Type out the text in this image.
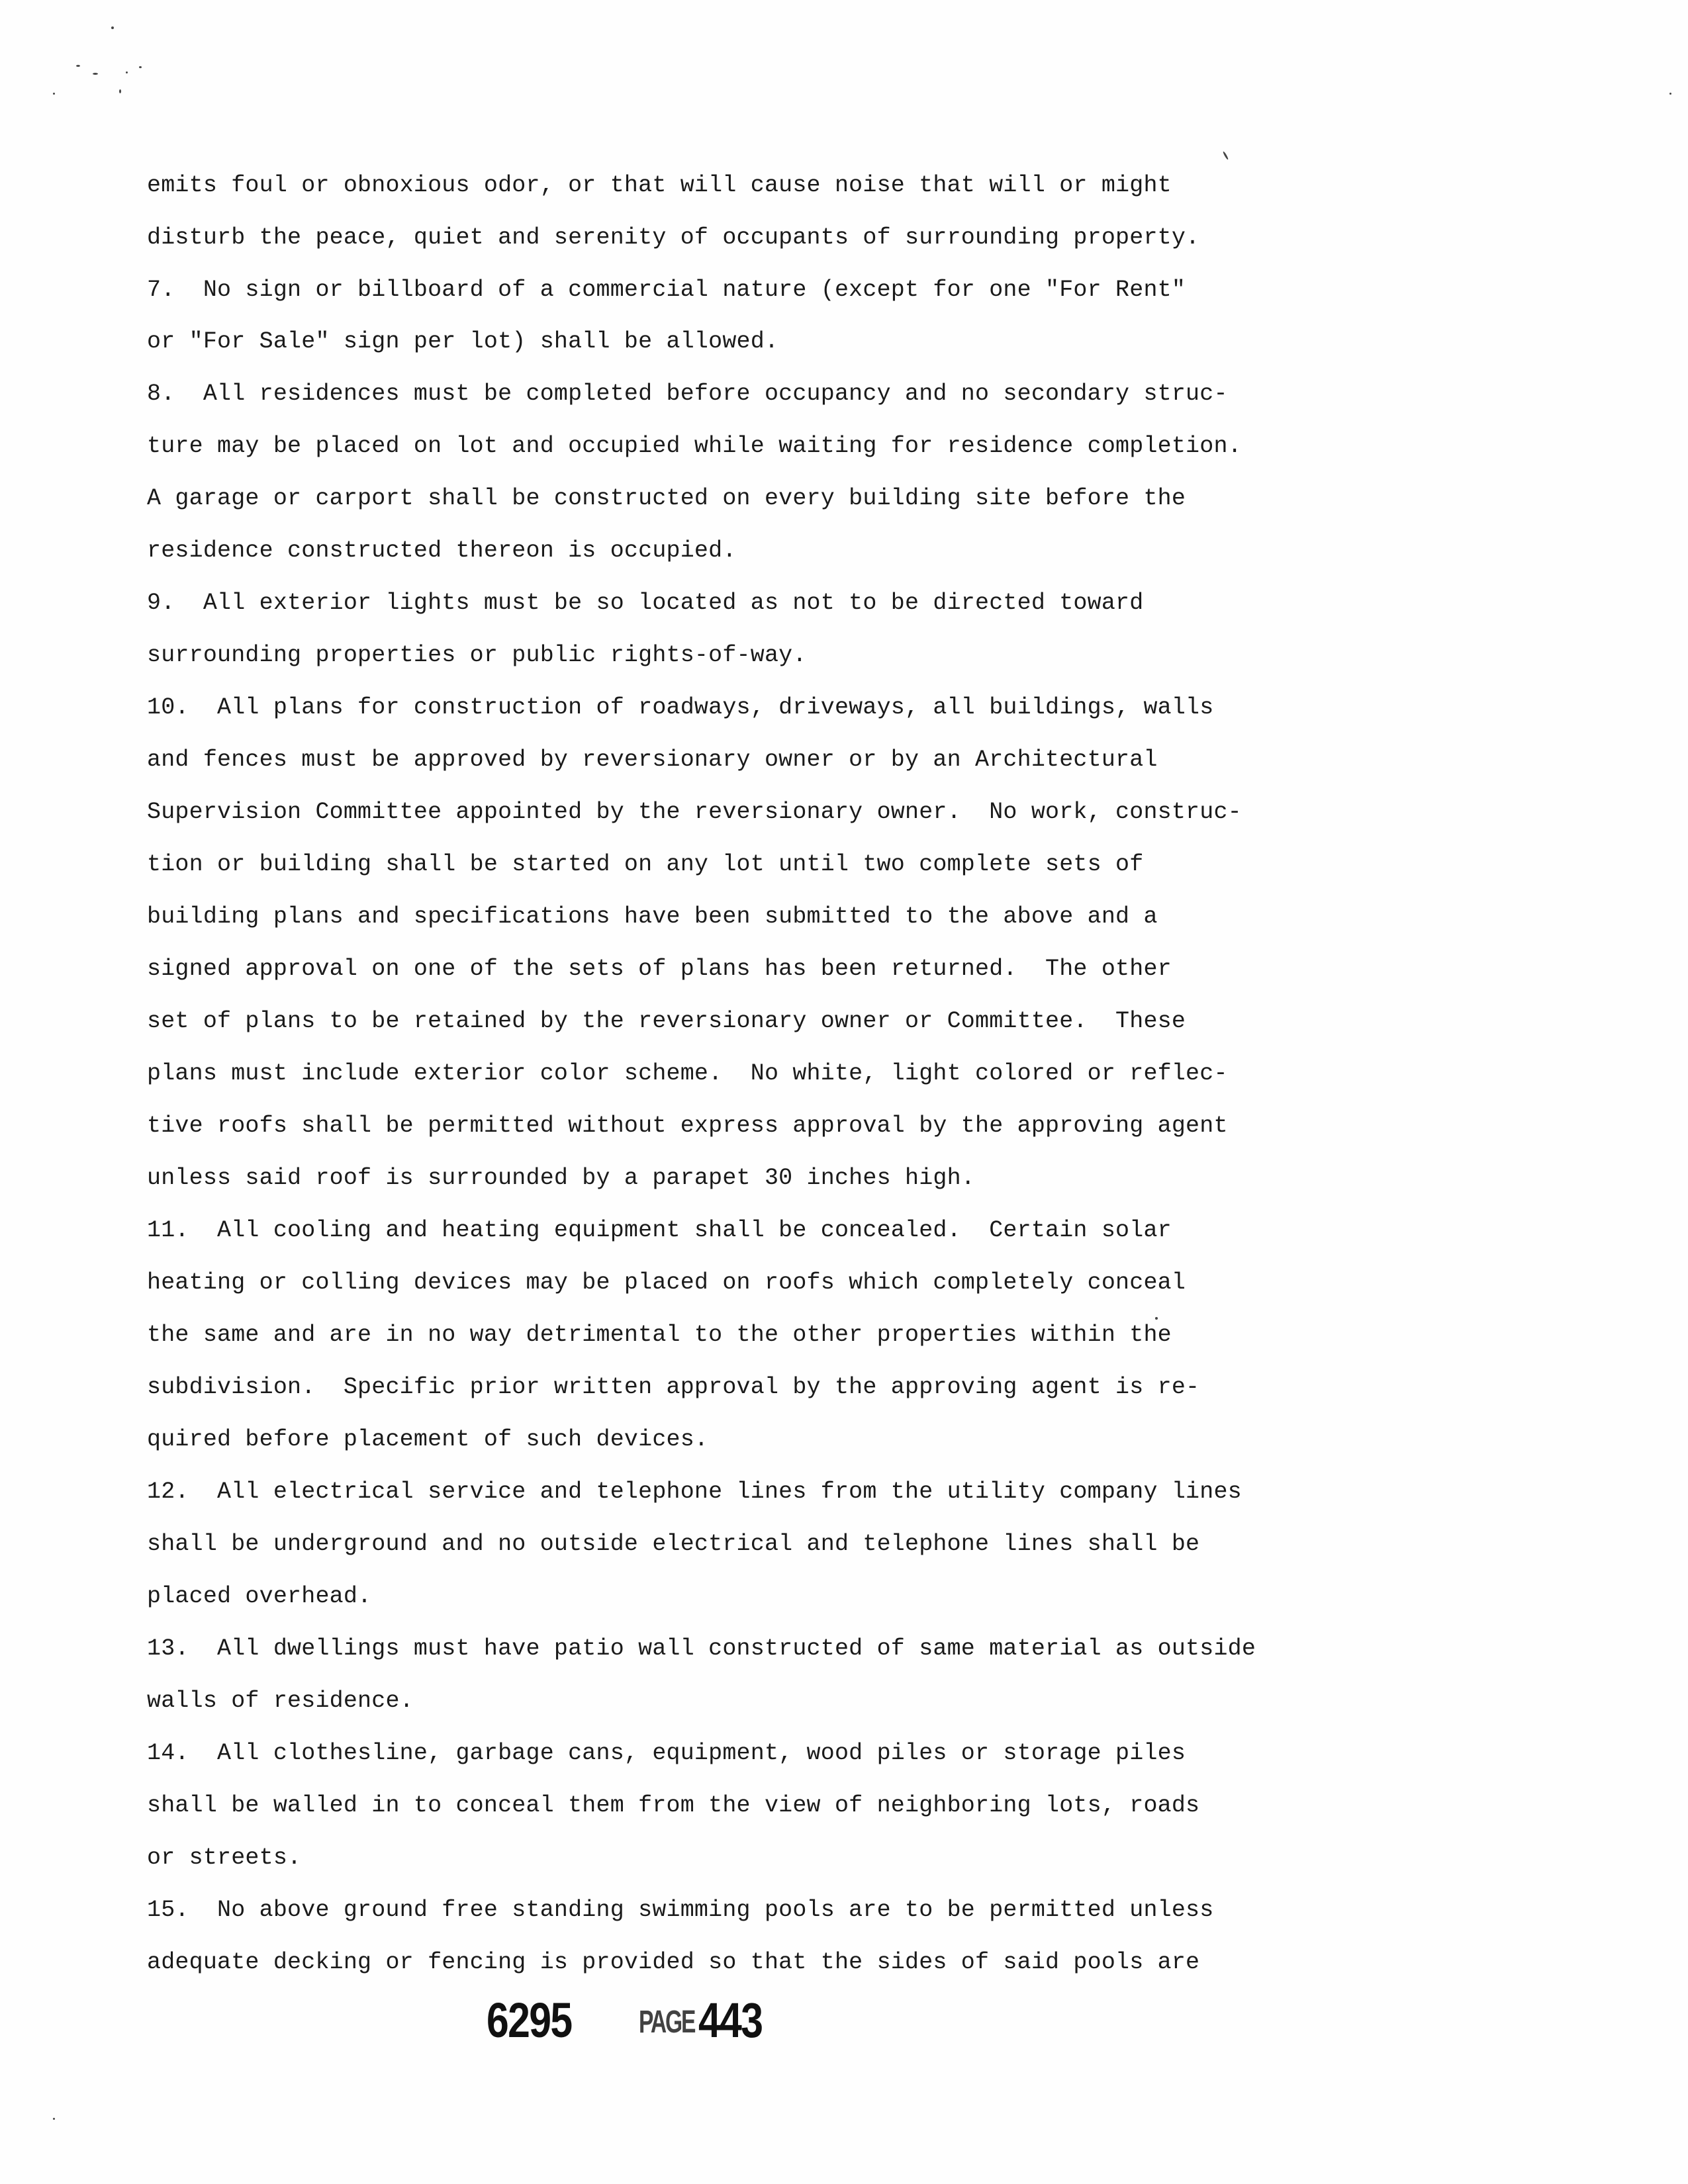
emits foul or obnoxious odor, or that will cause noise that will or might

disturb the peace, quiet and serenity of occupants of surrounding property.

7.  No sign or billboard of a commercial nature (except for one "For Rent"

or "For Sale" sign per lot) shall be allowed.

8.  All residences must be completed before occupancy and no secondary struc-

ture may be placed on lot and occupied while waiting for residence completion.

A garage or carport shall be constructed on every building site before the

residence constructed thereon is occupied.

9.  All exterior lights must be so located as not to be directed toward

surrounding properties or public rights-of-way.

10.  All plans for construction of roadways, driveways, all buildings, walls

and fences must be approved by reversionary owner or by an Architectural

Supervision Committee appointed by the reversionary owner.  No work, construc-

tion or building shall be started on any lot until two complete sets of

building plans and specifications have been submitted to the above and a

signed approval on one of the sets of plans has been returned.  The other

set of plans to be retained by the reversionary owner or Committee.  These

plans must include exterior color scheme.  No white, light colored or reflec-

tive roofs shall be permitted without express approval by the approving agent

unless said roof is surrounded by a parapet 30 inches high.

11.  All cooling and heating equipment shall be concealed.  Certain solar

heating or colling devices may be placed on roofs which completely conceal

the same and are in no way detrimental to the other properties within the

subdivision.  Specific prior written approval by the approving agent is re-

quired before placement of such devices.

12.  All electrical service and telephone lines from the utility company lines

shall be underground and no outside electrical and telephone lines shall be

placed overhead.

13.  All dwellings must have patio wall constructed of same material as outside

walls of residence.

14.  All clothesline, garbage cans, equipment, wood piles or storage piles

shall be walled in to conceal them from the view of neighboring lots, roads

or streets.

15.  No above ground free standing swimming pools are to be permitted unless

adequate decking or fencing is provided so that the sides of said pools are

6295 PAGE 443
